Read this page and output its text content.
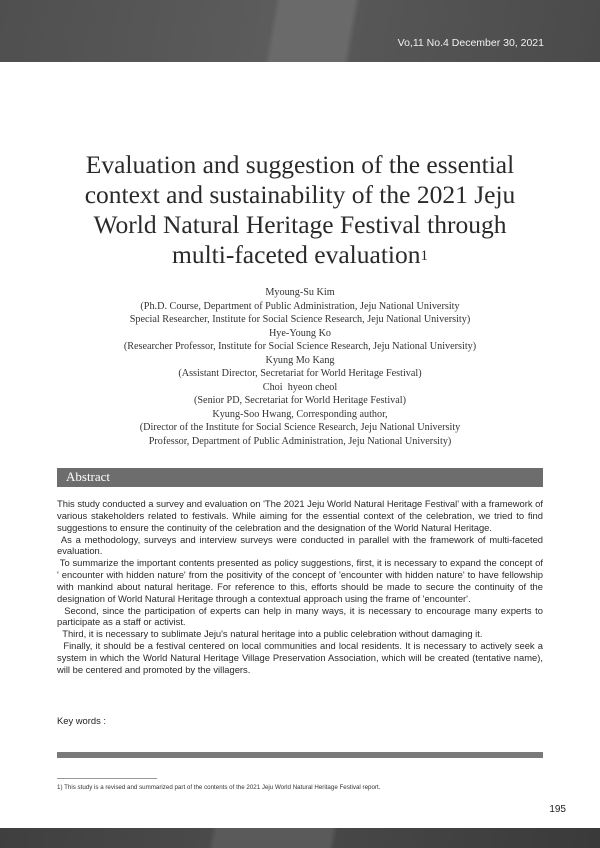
Vo,11 No.4 December 30, 2021
Evaluation and suggestion of the essential
context and sustainability of the 2021 Jeju
World Natural Heritage Festival through
multi-faceted evaluation$^1$
Myoung-Su Kim
(Ph.D. Course, Department of Public Administration, Jeju National University
Special Researcher, Institute for Social Science Research, Jeju National University)
Hye-Young Ko
(Researcher Professor, Institute for Social Science Research, Jeju National University)
Kyung Mo Kang
(Assistant Director, Secretariat for World Heritage Festival)
Choi  hyeon cheol
(Senior PD, Secretariat for World Heritage Festival)
Kyung-Soo Hwang, Corresponding author,
(Director of the Institute for Social Science Research, Jeju National University
Professor, Department of Public Administration, Jeju National University)
Abstract

This study conducted a survey and evaluation on 'The 2021 Jeju World Natural Heritage Festival' with a framework of various stakeholders related to festivals. While aiming for the essential context of the celebration, we tried to find suggestions to ensure the continuity of the celebration and the designation of the World Natural Heritage.

As a methodology, surveys and interview surveys were conducted in parallel with the framework of multi-faceted evaluation.

To summarize the important contents presented as policy suggestions, first, it is necessary to expand the concept of ' encounter with hidden nature' from the positivity of the concept of 'encounter with hidden nature' to have fellowship with mankind about natural heritage. For reference to this, efforts should be made to secure the continuity of the designation of World Natural Heritage through a contextual approach using the frame of 'encounter'.

Second, since the participation of experts can help in many ways, it is necessary to encourage many experts to participate as a staff or activist.

Third, it is necessary to sublimate Jeju's natural heritage into a public celebration without damaging it.

Finally, it should be a festival centered on local communities and local residents. It is necessary to actively seek a system in which the World Natural Heritage Village Preservation Association, which will be created (tentative name), will be centered and promoted by the villagers.

Key words :
1) This study is a revised and summarized part of the contents of the 2021 Jeju World Natural Heritage Festival report.
195
